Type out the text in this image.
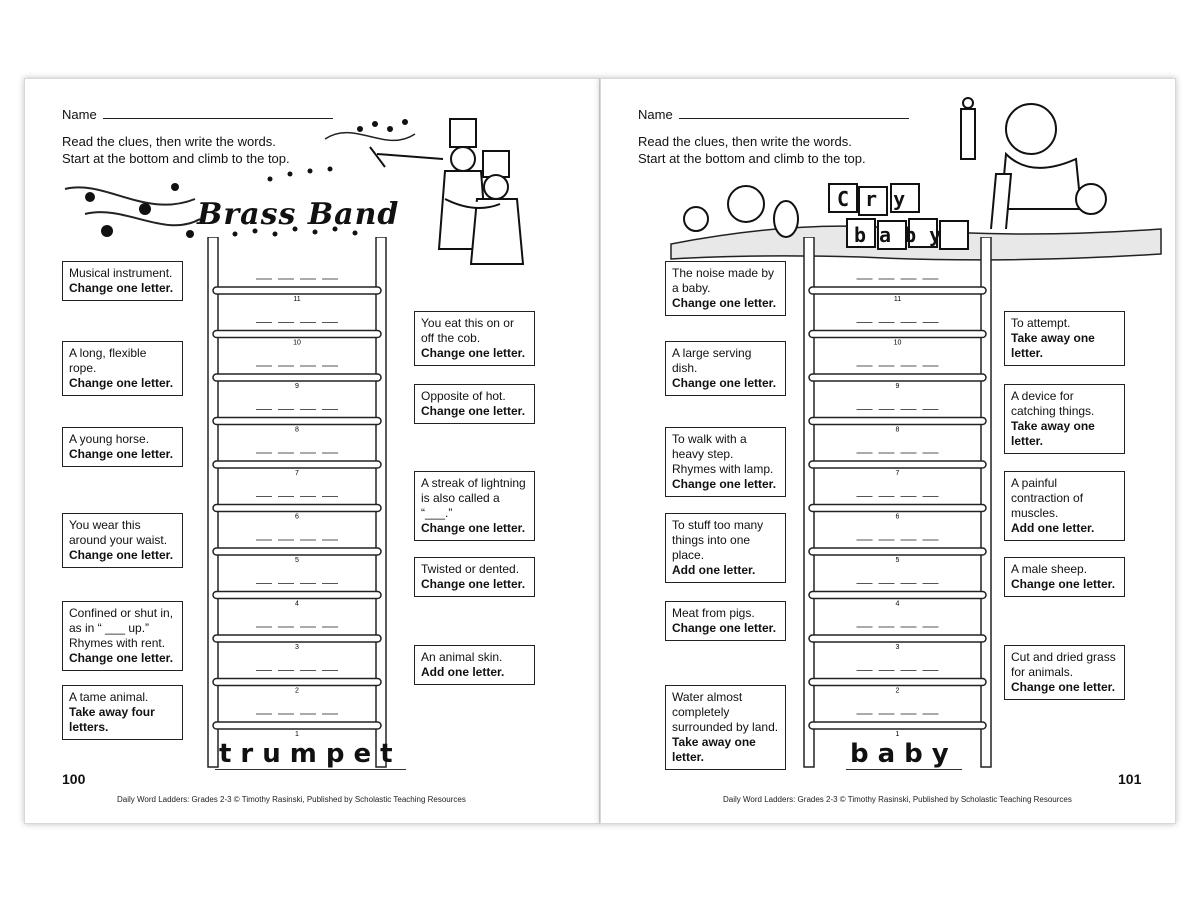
Name
Read the clues, then write the words.
Start at the bottom and climb to the top.
Brass Band
11
10
9
8
7
6
5
4
3
2
1
trumpet
100
Daily Word Ladders: Grades 2-3 © Timothy Rasinski, Published by Scholastic Teaching Resources
Musical instrument.
Change one letter.
You eat this on or off the cob.
Change one letter.
A long, flexible rope.
Change one letter.
Opposite of hot.
Change one letter.
A young horse.
Change one letter.
A streak of lightning is also called a “___.”
Change one letter.
You wear this around your waist.
Change one letter.
Twisted or dented.
Change one letter.
Confined or shut in, as in “ ___ up.” Rhymes with rent.
Change one letter.	An animal skin.
Add one letter.
A tame animal.
Take away four letters.
Name
Read the clues, then write the words.
Start at the bottom and climb to the top.
Cry
baby
11
10
9
8
7
6
5
4
3
2
1
baby
101
Daily Word Ladders: Grades 2-3 © Timothy Rasinski, Published by Scholastic Teaching Resources
The noise made by a baby.
Change one letter.
To attempt.
Take away one letter.
A large serving dish.
Change one letter.
A device for catching things.
Take away one letter.
To walk with a heavy step. Rhymes with lamp.
Change one letter.	A painful contraction of muscles.
Add one letter.
To stuff too many things into one place.
Add one letter.	A male sheep.
Change one letter.
Meat from pigs.
Change one letter.
Cut and dried grass for animals.
Change one letter.
Water almost completely surrounded by land.
Take away one letter.
